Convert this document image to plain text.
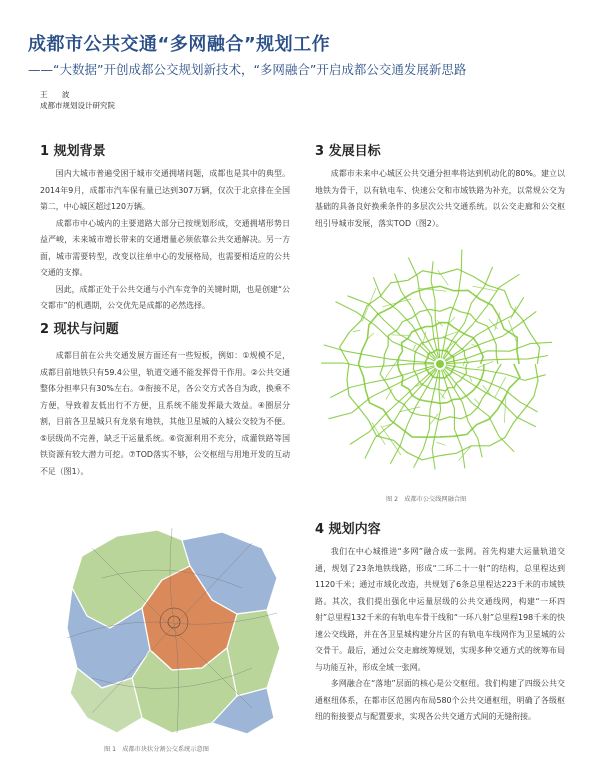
成都市公共交通“多网融合”规划工作
——“大数据”开创成都公交规划新技术，“多网融合”开启成都公交通发展新思路
王 波
成都市规划设计研究院
1 规划背景

国内大城市普遍受困于城市交通拥堵问题，成都也是其中的典型。2014年9月，成都市汽车保有量已达到307万辆，仅次于北京排在全国第二，中心城区超过120万辆。

成都市中心城内的主要道路大部分已按规划形成，交通拥堵形势日益严峻，未来城市增长带来的交通增量必须依靠公共交通解决。另一方面，城市需要转型，改变以往单中心的发展格局，也需要相适应的公共交通的支撑。

因此，成都正处于公共交通与小汽车竞争的关键时期，也是创建“公交都市”的机遇期，公交优先是成都的必然选择。

2 现状与问题

成都目前在公共交通发展方面还有一些短板，例如：①规模不足，成都目前地铁只有59.4公里，轨道交通不能发挥骨干作用。②公共交通整体分担率只有30%左右。③衔接不足，各公交方式各自为政，换乘不方便，导致着友低出行不方便，且系统不能发挥最大效益。④圈层分割，目前各卫星城只有龙泉有地铁，其他卫星城的入城公交较为不便。⑤层级尚不完善，缺乏干运量系统。⑥资源利用不充分，成灌铁路等国铁资源有较大潜力可挖。⑦TOD落实不够，公交枢纽与用地开发的互动不足（图1）。

图 1　成都市块状分割公交系统示意图
3 发展目标

成都市未来中心城区公共交通分担率将达到机动化的80%。建立以地铁为骨干，以有轨电车、快速公交和市域铁路为补充，以常规公交为基础的具备良好换乘条件的多层次公共交通系统。以公交走廊和公交枢纽引导城市发展，落实TOD（图2）。

图 2　成都市公交线网融合图
4 规划内容

我们在中心城推进“多网”融合成一张网。首先构建大运量轨道交通，规划了23条地铁线路，形成“二环二十一射”的结构，总里程达到1120千米；通过市域化改造，共规划了6条总里程达223千米的市域铁路。其次，我们提出强化中运量层级的公共交通线网，构建“一环四射”总里程132千米的有轨电车骨干线和“一环八射”总里程198千米的快速公交线路，并在各卫星城构建分片区的有轨电车线网作为卫星城的公交骨干。最后，通过公交走廊统筹规划，实现多种交通方式的统筹布局与功能互补，形成全域一张网。

多网融合在“落地”层面的核心是公交枢纽。我们构建了四级公共交通枢纽体系，在都市区范围内布局580个公共交通枢纽，明确了各级枢纽的衔接要点与配置要求，实现各公共交通方式间的无缝衔接。
